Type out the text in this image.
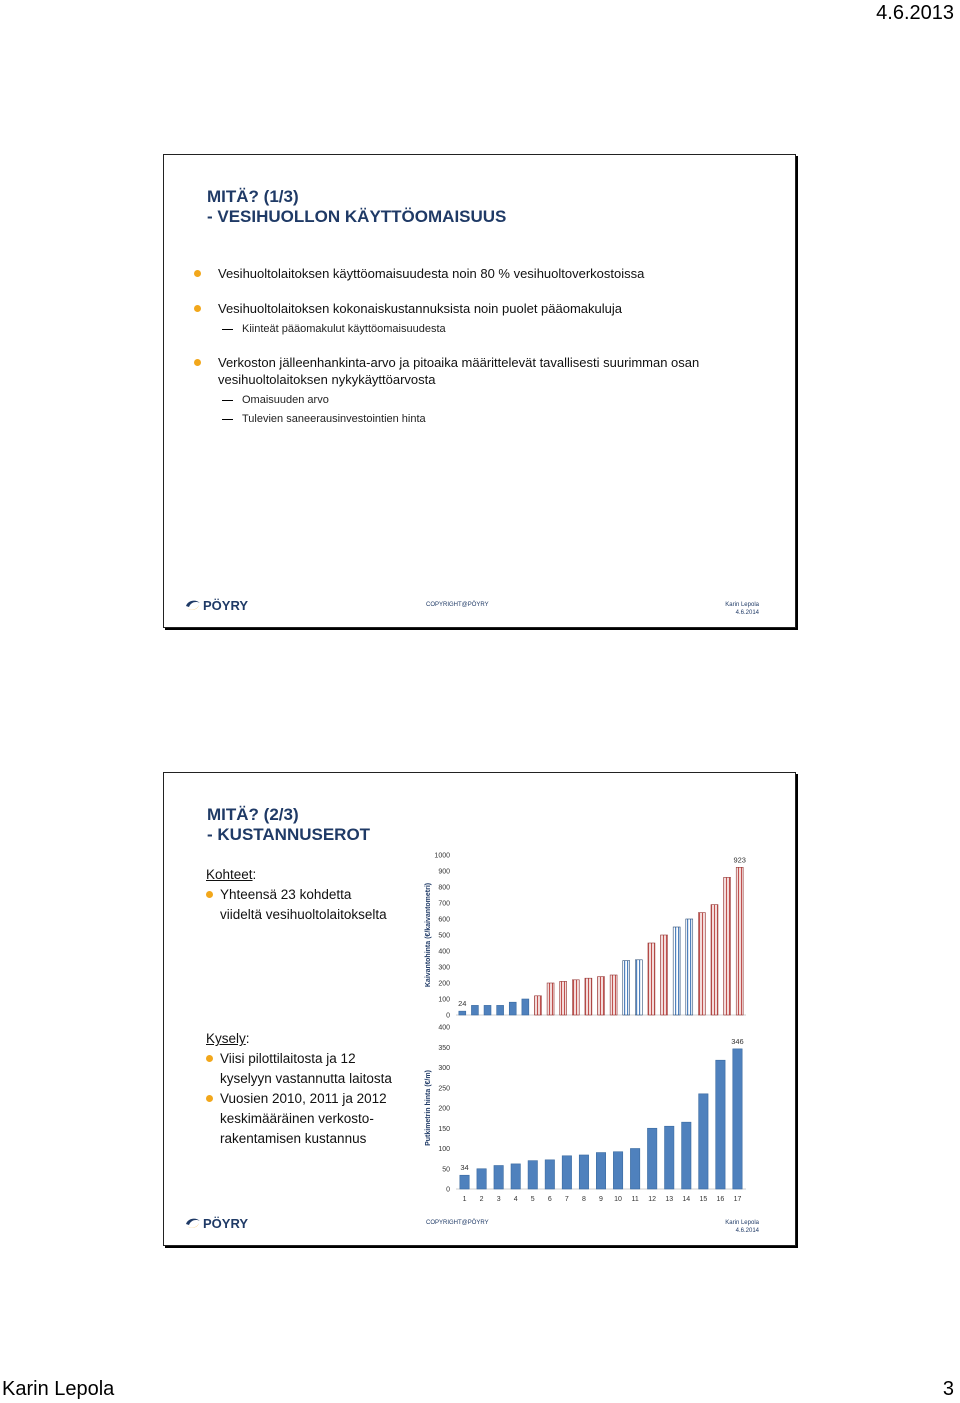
4.6.2013
MITÄ? (1/3)
- VESIHUOLLON KÄYTTÖOMAISUUS
Vesihuoltolaitoksen käyttöomaisuudesta noin 80 % vesihuoltoverkostoissa
Vesihuoltolaitoksen kokonaiskustannuksista noin puolet pääomakuluja
Kiinteät pääomakulut käyttöomaisuudesta
Verkoston jälleenhankinta-arvo ja pitoaika määrittelevät tavallisesti suurimman osan
vesihuoltolaitoksen nykykäyttöarvosta
Omaisuuden arvo
Tulevien saneerausinvestointien hinta
PÖYRY	COPYRIGHT@PÖYRY	Karin Lepola
4.6.2014
MITÄ? (2/3)
- KUSTANNUSEROT
Kohteet:
Yhteensä 23 kohdetta
viideltä vesihuoltolaitokselta
Kysely:
Viisi pilottilaitosta ja 12
kyselyyn vastannutta laitosta
Vuosien 2010, 2011 ja 2012
keskimääräinen verkosto-
rakentamisen kustannus
Kaivantohinta (€/kaivantometri)
0
100
200
300
400
500
600
700
800
900
1000
24
923
Putkimetrin hinta (€/m)
0
50
100
150
200
250
300
350
400
1 2 3 4 5 6 7 8 9 10 11 12 13 14 15 16 17
34
346
PÖYRY	COPYRIGHT@PÖYRY	Karin Lepola
4.6.2014
Karin Lepola	3
